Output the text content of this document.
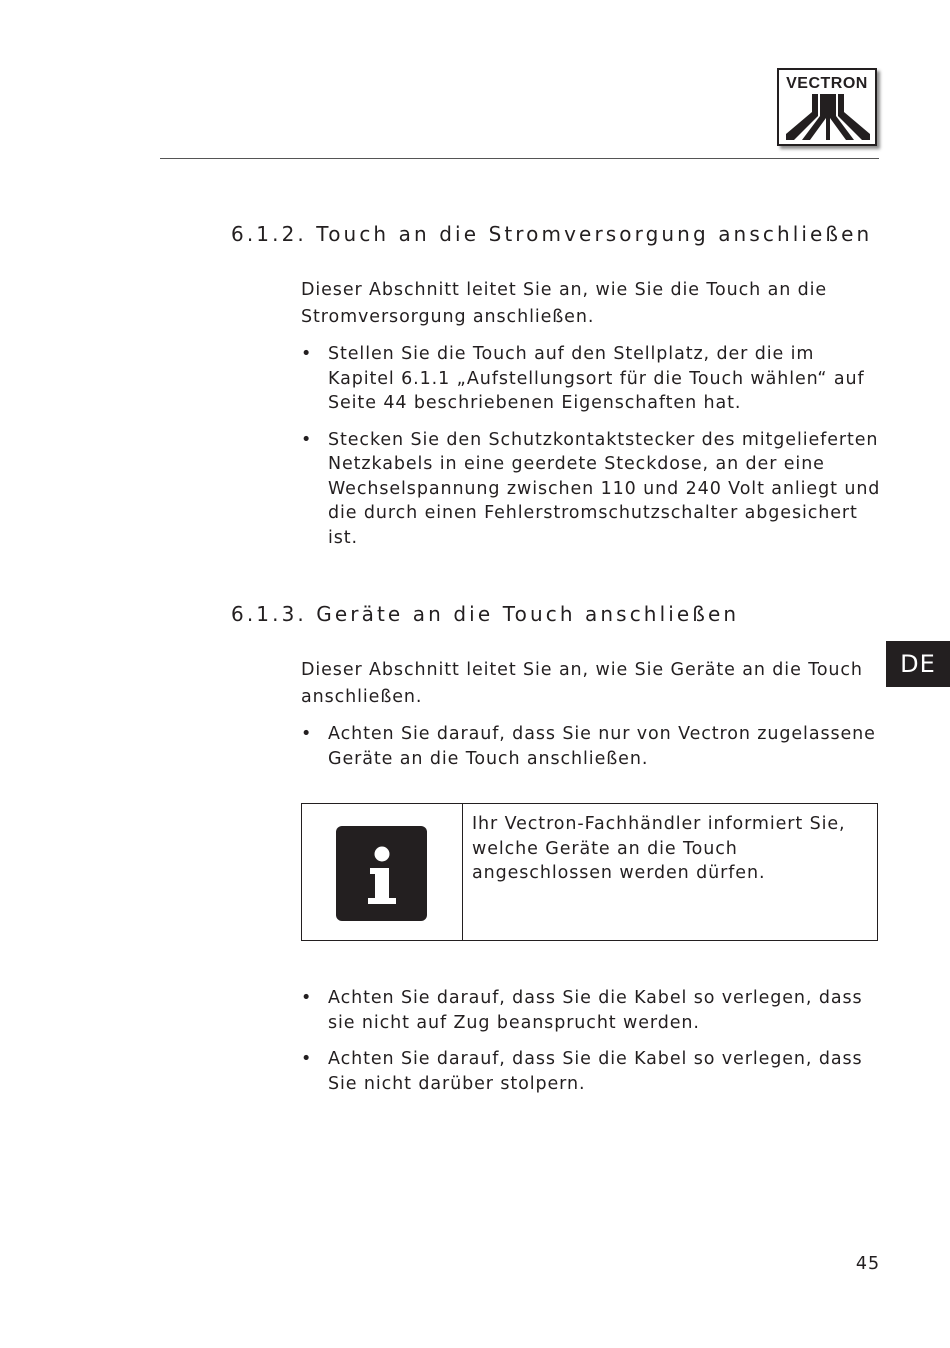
VECTRON
6.1.2. Touch an die Stromversorgung anschließen

Dieser Abschnitt leitet Sie an, wie Sie die Touch an die Stromversorgung anschließen.

• Stellen Sie die Touch auf den Stellplatz, der die im Kapitel 6.1.1 „Aufstellungsort für die Touch wählen“ auf Seite 44 beschriebenen Eigenschaften hat.
• Stecken Sie den Schutzkontaktstecker des mitgelieferten Netzkabels in eine geerdete Steckdose, an der eine Wechselspannung zwischen 110 und 240 Volt anliegt und die durch einen Fehlerstromschutzschalter abgesichert ist.
6.1.3. Geräte an die Touch anschließen

Dieser Abschnitt leitet Sie an, wie Sie Geräte an die Touch anschließen.

• Achten Sie darauf, dass Sie nur von Vectron zugelassene Geräte an die Touch anschließen.

Ihr Vectron-Fachhändler informiert Sie, welche Geräte an die Touch angeschlossen werden dürfen.

• Achten Sie darauf, dass Sie die Kabel so verlegen, dass sie nicht auf Zug beansprucht werden.
• Achten Sie darauf, dass Sie die Kabel so verlegen, dass Sie nicht darüber stolpern.
DE
45
